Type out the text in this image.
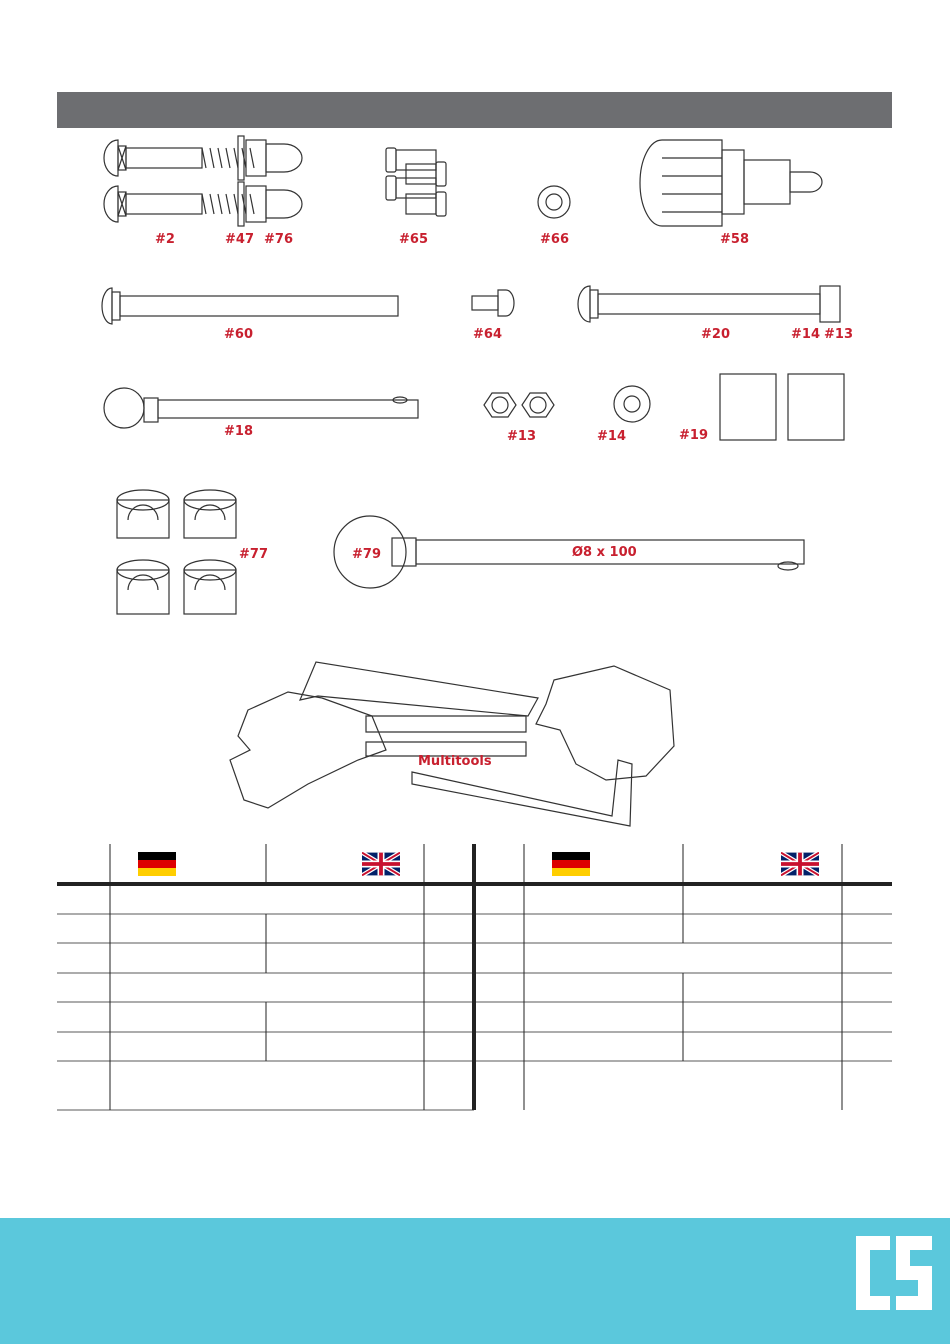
#2	#47 #76	#65	#66	#58
#60	#64	#20	#14 #13
#18	#13	#14	#19
#77	#79	Ø8 x 100
Multitools
